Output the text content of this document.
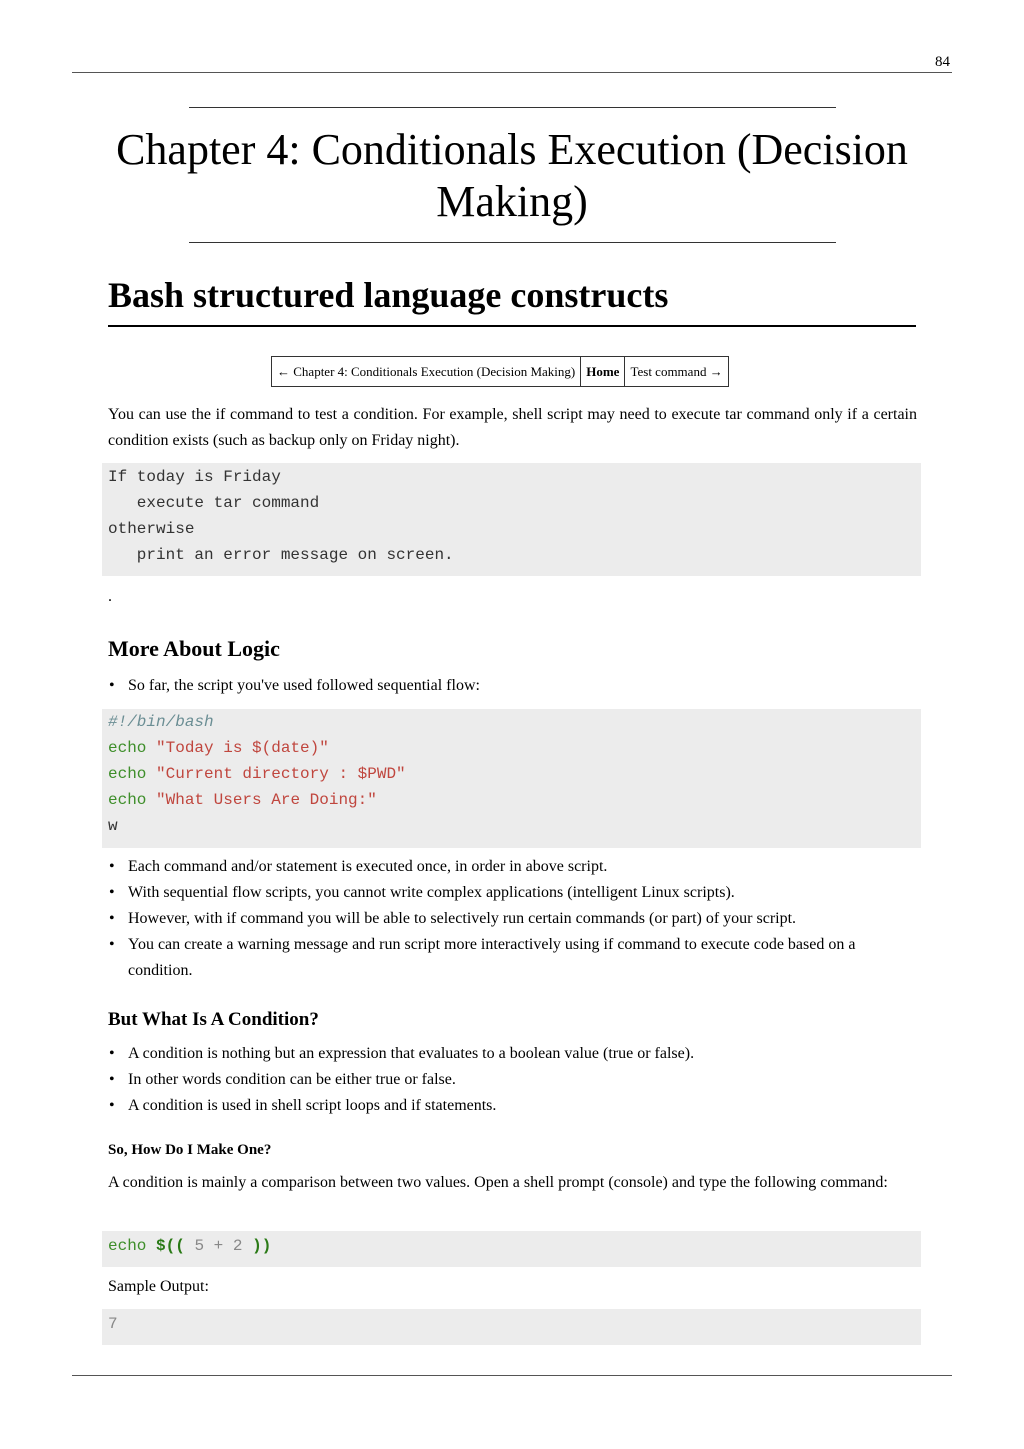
84
Chapter 4: Conditionals Execution (Decision Making)
Bash structured language constructs
← Chapter 4: Conditionals Execution (Decision Making) Home Test command →

You can use the if command to test a condition. For example, shell script may need to execute tar command only if a certain condition exists (such as backup only on Friday night).

If today is Friday
execute tar command
otherwise
print an error message on screen.

.

More About Logic
• So far, the script you've used followed sequential flow:
#!/bin/bash
echo "Today is $(date)"
echo "Current directory : $PWD"
echo "What Users Are Doing:"
w
• Each command and/or statement is executed once, in order in above script.
• With sequential flow scripts, you cannot write complex applications (intelligent Linux scripts).
• However, with if command you will be able to selectively run certain commands (or part) of your script.
• You can create a warning message and run script more interactively using if command to execute code based on a condition.
But What Is A Condition?
• A condition is nothing but an expression that evaluates to a boolean value (true or false).
• In other words condition can be either true or false.
• A condition is used in shell script loops and if statements.
So, How Do I Make One?

A condition is mainly a comparison between two values. Open a shell prompt (console) and type the following command:

echo $(( 5 + 2 ))

Sample Output:

7
